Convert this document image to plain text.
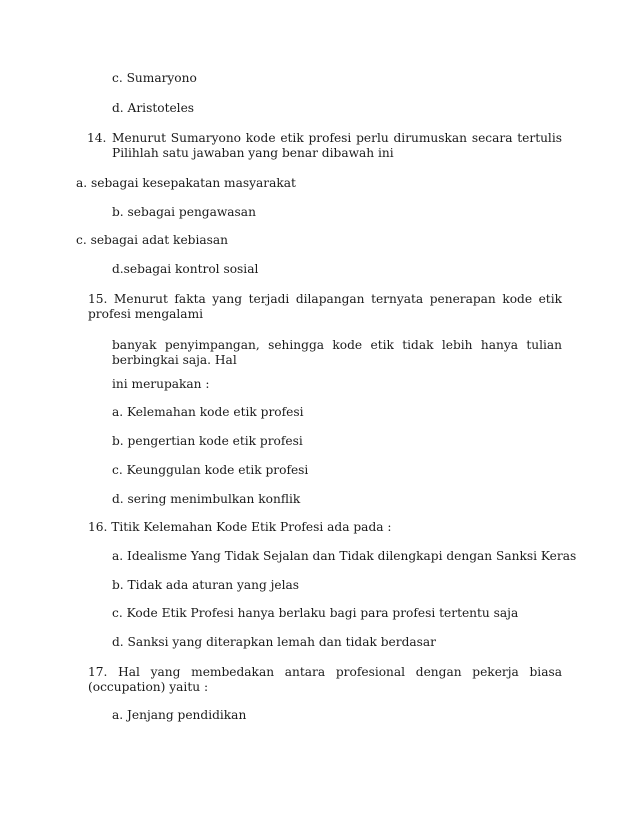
c. Sumaryono
d. Aristoteles
14. Menurut Sumaryono kode etik profesi perlu dirumuskan secara tertulis Pilihlah satu jawaban yang benar dibawah ini
a. sebagai kesepakatan masyarakat
b. sebagai pengawasan
c. sebagai adat kebiasan
d.sebagai kontrol sosial
15. Menurut fakta yang terjadi dilapangan ternyata penerapan kode etik profesi mengalami
banyak penyimpangan, sehingga kode etik tidak lebih hanya tulian berbingkai saja. Hal
ini merupakan :
a. Kelemahan kode etik profesi
b. pengertian kode etik profesi
c. Keunggulan kode etik profesi
d. sering menimbulkan konflik
16. Titik Kelemahan Kode Etik Profesi ada pada :
a. Idealisme Yang Tidak Sejalan dan Tidak dilengkapi dengan Sanksi Keras
b. Tidak ada aturan yang jelas
c. Kode Etik Profesi hanya berlaku bagi para profesi tertentu saja
d. Sanksi yang diterapkan lemah dan tidak berdasar
17. Hal yang membedakan antara profesional dengan pekerja biasa (occupation) yaitu :
a. Jenjang pendidikan
